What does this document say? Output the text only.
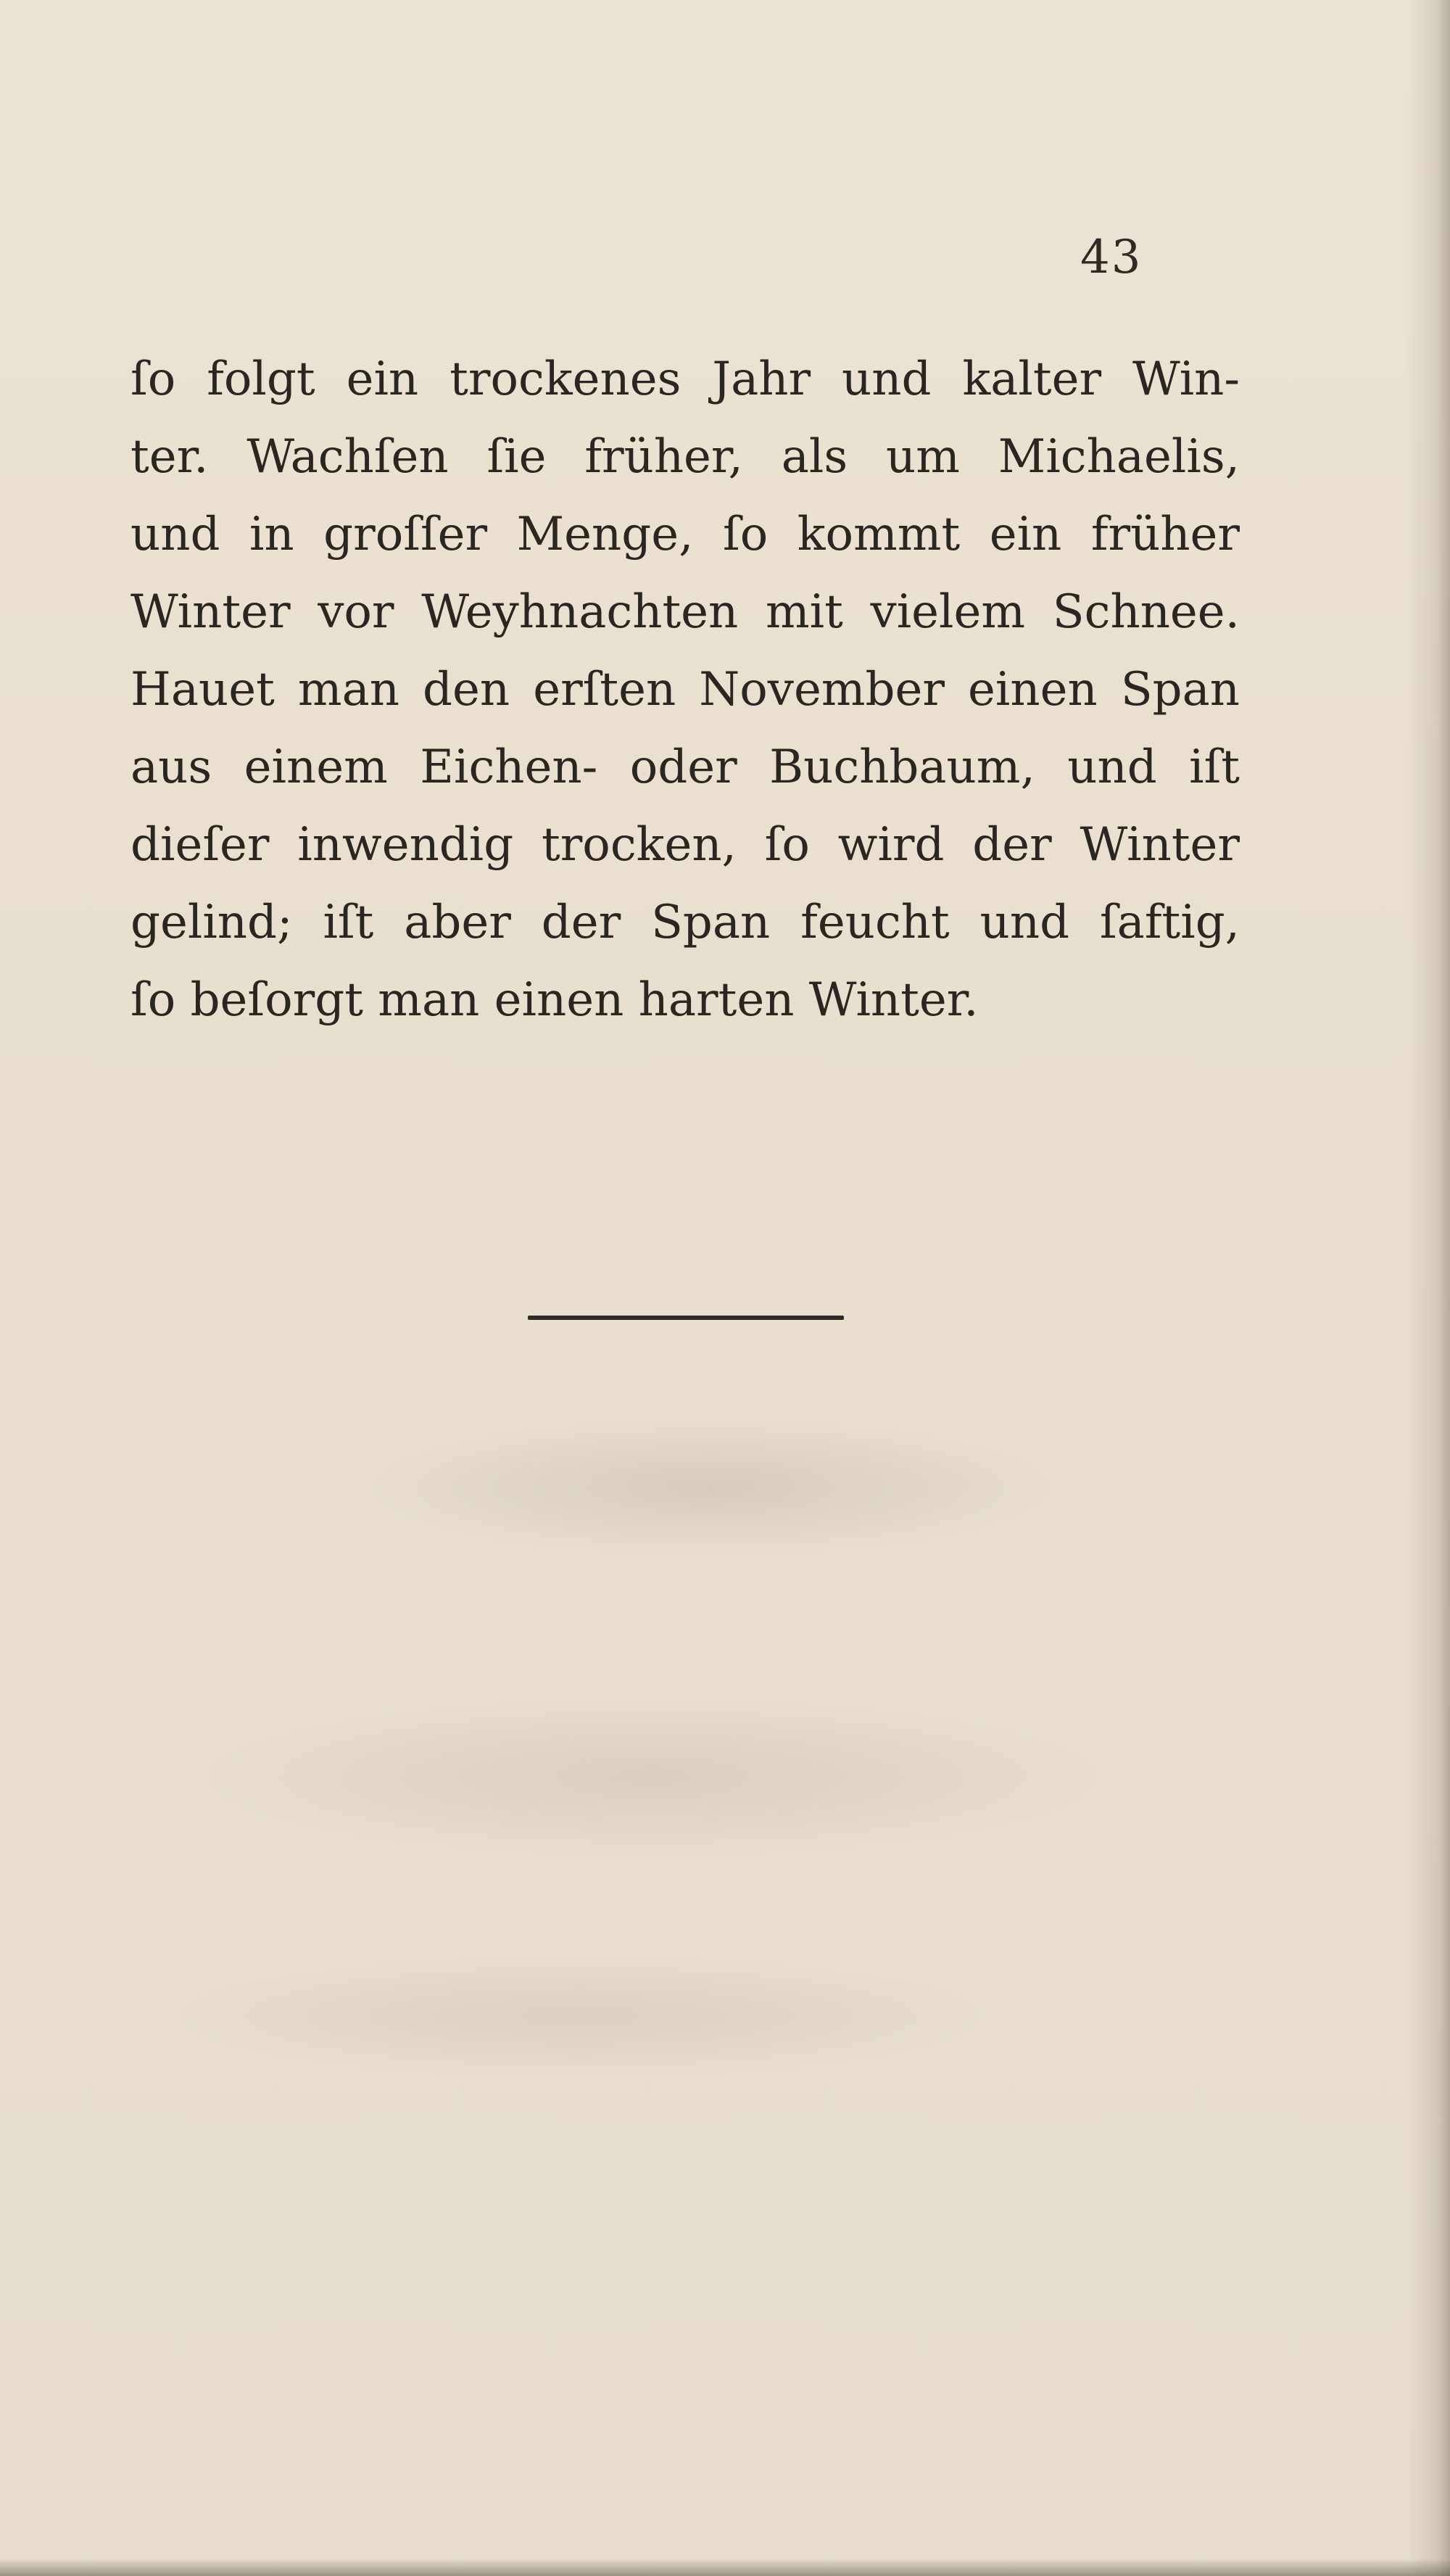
43
ſo folgt ein trockenes Jahr und kalter Win-
ter. Wachſen ſie früher, als um Michaelis,
und in groſſer Menge, ſo kommt ein früher
Winter vor Weyhnachten mit vielem Schnee.
Hauet man den erſten November einen Span
aus einem Eichen- oder Buchbaum, und iſt
dieſer inwendig trocken, ſo wird der Winter
gelind; iſt aber der Span feucht und ſaftig,
ſo beſorgt man einen harten Winter.
